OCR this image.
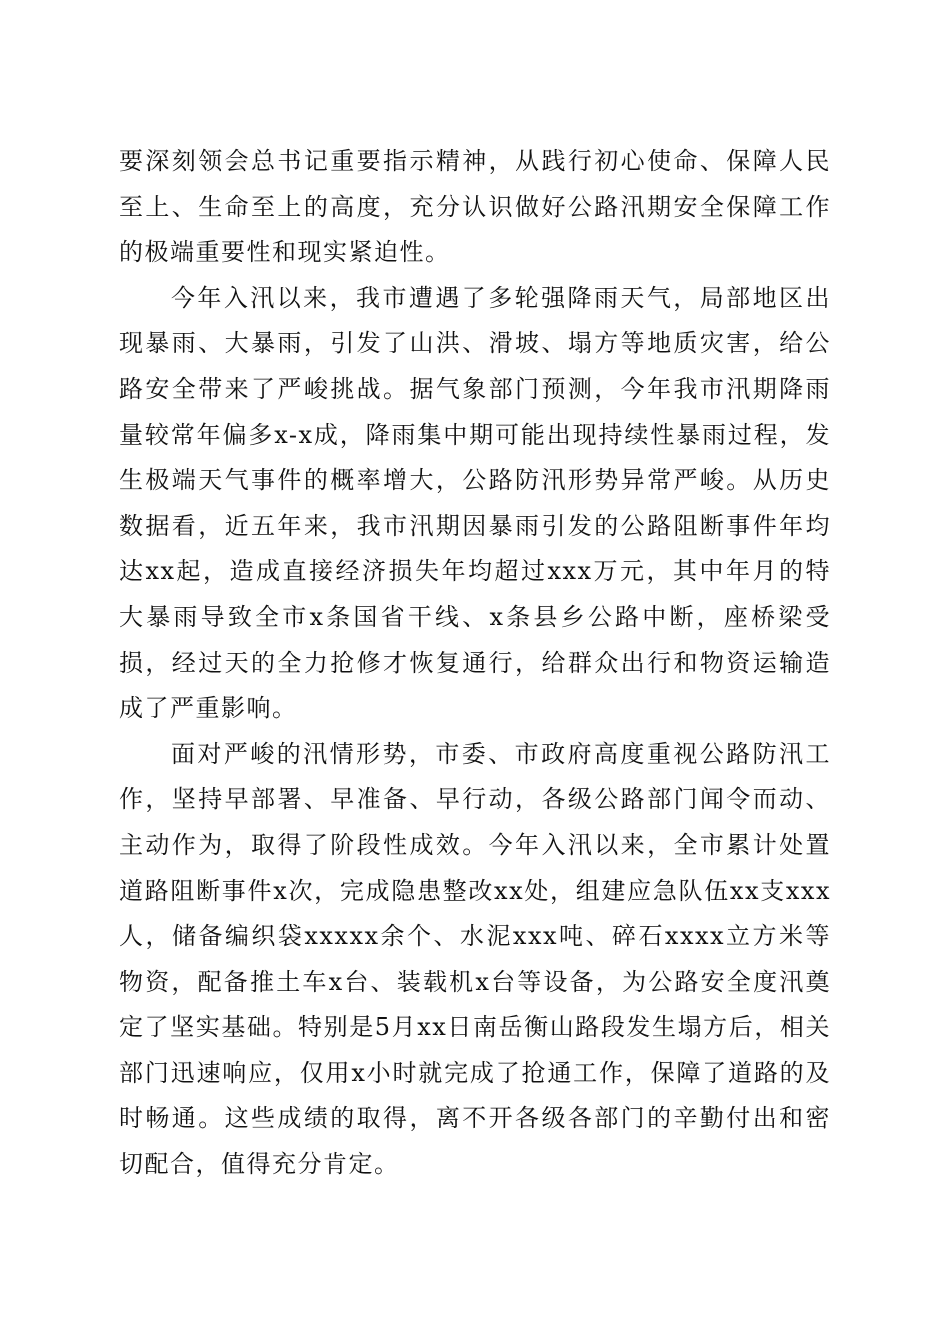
要深刻领会总书记重要指示精神，从践行初心使命、保障人民至上、生命至上的高度，充分认识做好公路汛期安全保障工作的极端重要性和现实紧迫性。

今年入汛以来，我市遭遇了多轮强降雨天气，局部地区出现暴雨、大暴雨，引发了山洪、滑坡、塌方等地质灾害，给公路安全带来了严峻挑战。据气象部门预测，今年我市汛期降雨量较常年偏多x-x成，降雨集中期可能出现持续性暴雨过程，发生极端天气事件的概率增大，公路防汛形势异常严峻。从历史数据看，近五年来，我市汛期因暴雨引发的公路阻断事件年均达xx起，造成直接经济损失年均超过xxx万元，其中年月的特大暴雨导致全市x条国省干线、x条县乡公路中断，座桥梁受损，经过天的全力抢修才恢复通行，给群众出行和物资运输造成了严重影响。

面对严峻的汛情形势，市委、市政府高度重视公路防汛工作，坚持早部署、早准备、早行动，各级公路部门闻令而动、主动作为，取得了阶段性成效。今年入汛以来，全市累计处置道路阻断事件x次，完成隐患整改xx处，组建应急队伍xx支xxx人，储备编织袋xxxxx余个、水泥xxx吨、碎石xxxx立方米等物资，配备推土车x台、装载机x台等设备，为公路安全度汛奠定了坚实基础。特别是5月xx日南岳衡山路段发生塌方后，相关部门迅速响应，仅用x小时就完成了抢通工作，保障了道路的及时畅通。这些成绩的取得，离不开各级各部门的辛勤付出和密切配合，值得充分肯定。
